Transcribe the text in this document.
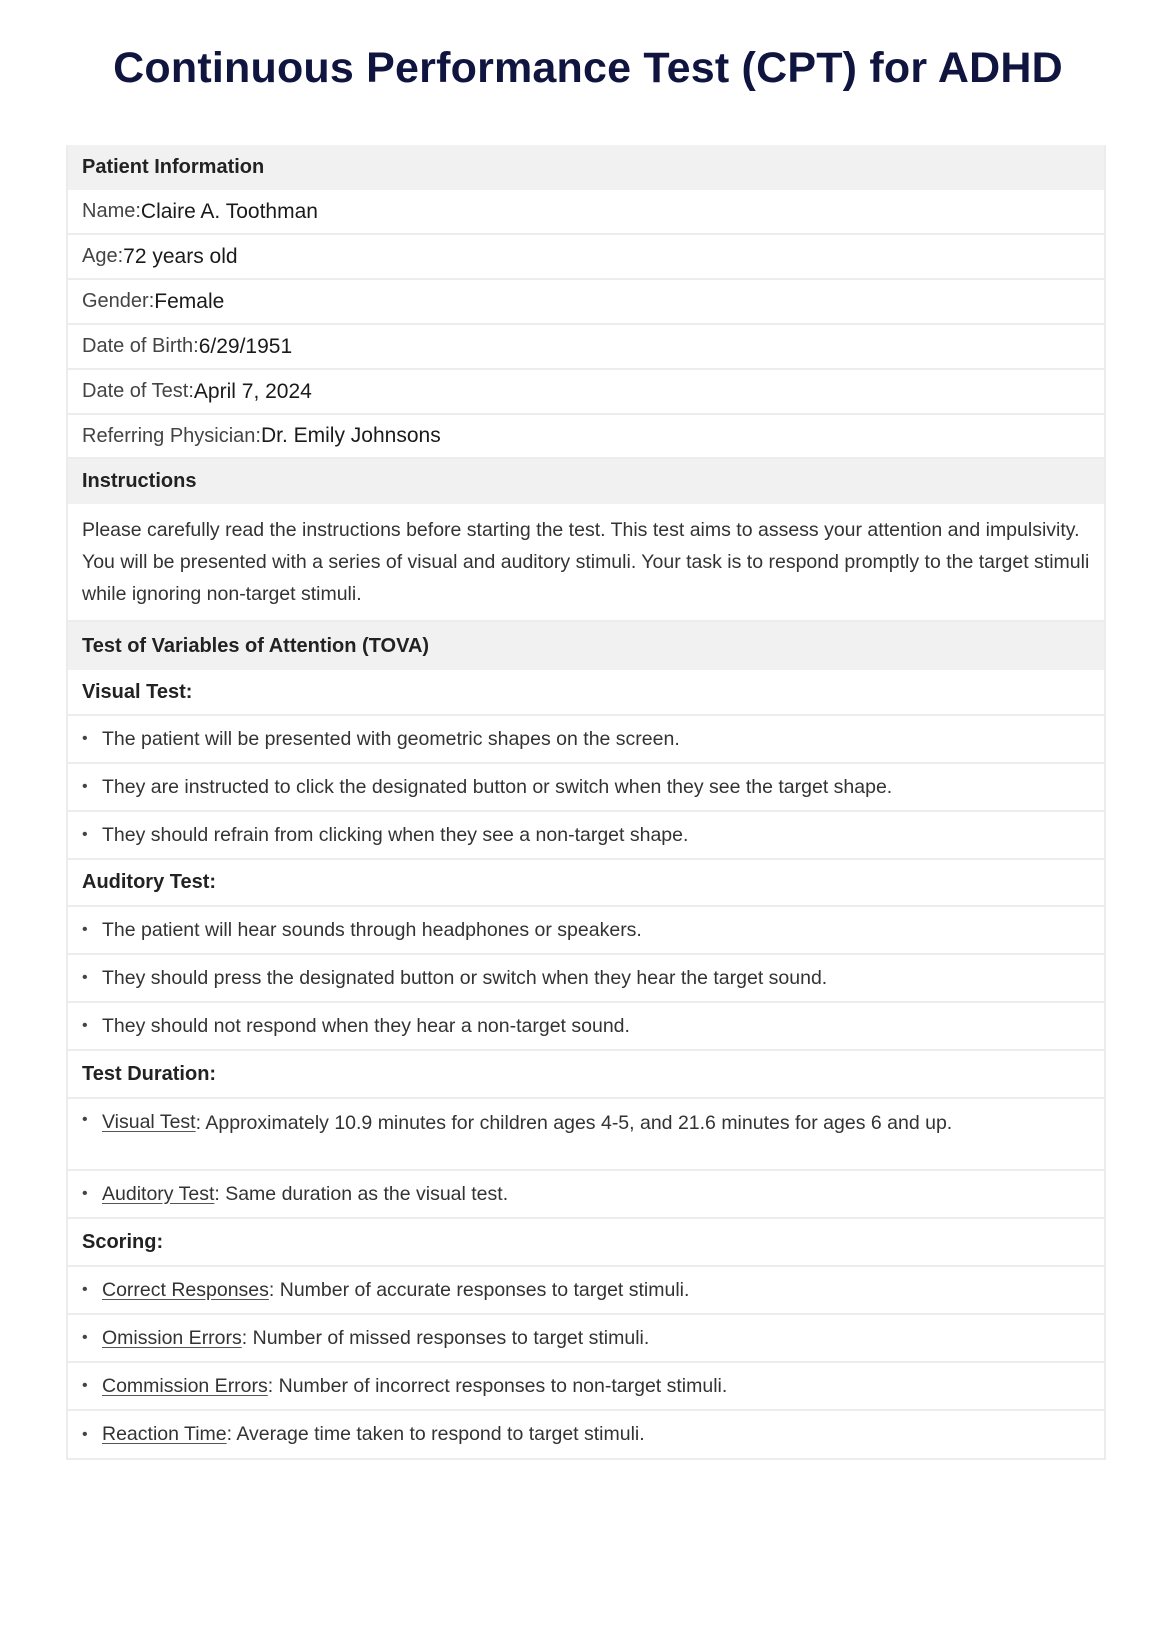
Continuous Performance Test (CPT) for ADHD
Patient Information
Name: Claire A. Toothman
Age: 72 years old
Gender: Female
Date of Birth: 6/29/1951
Date of Test: April 7, 2024
Referring Physician: Dr. Emily Johnsons
Instructions
Please carefully read the instructions before starting the test. This test aims to assess your attention and impulsivity. You will be presented with a series of visual and auditory stimuli. Your task is to respond promptly to the target stimuli while ignoring non-target stimuli.
Test of Variables of Attention (TOVA)
Visual Test:
• The patient will be presented with geometric shapes on the screen.
• They are instructed to click the designated button or switch when they see the target shape.
• They should refrain from clicking when they see a non-target shape.
Auditory Test:
• The patient will hear sounds through headphones or speakers.
• They should press the designated button or switch when they hear the target sound.
• They should not respond when they hear a non-target sound.
Test Duration:
• Visual Test : Approximately 10.9 minutes for children ages 4-5, and 21.6 minutes for ages 6 and up.
• Auditory Test : Same duration as the visual test.
Scoring:
• Correct Responses : Number of accurate responses to target stimuli.
• Omission Errors : Number of missed responses to target stimuli.
• Commission Errors : Number of incorrect responses to non-target stimuli.
• Reaction Time : Average time taken to respond to target stimuli.
